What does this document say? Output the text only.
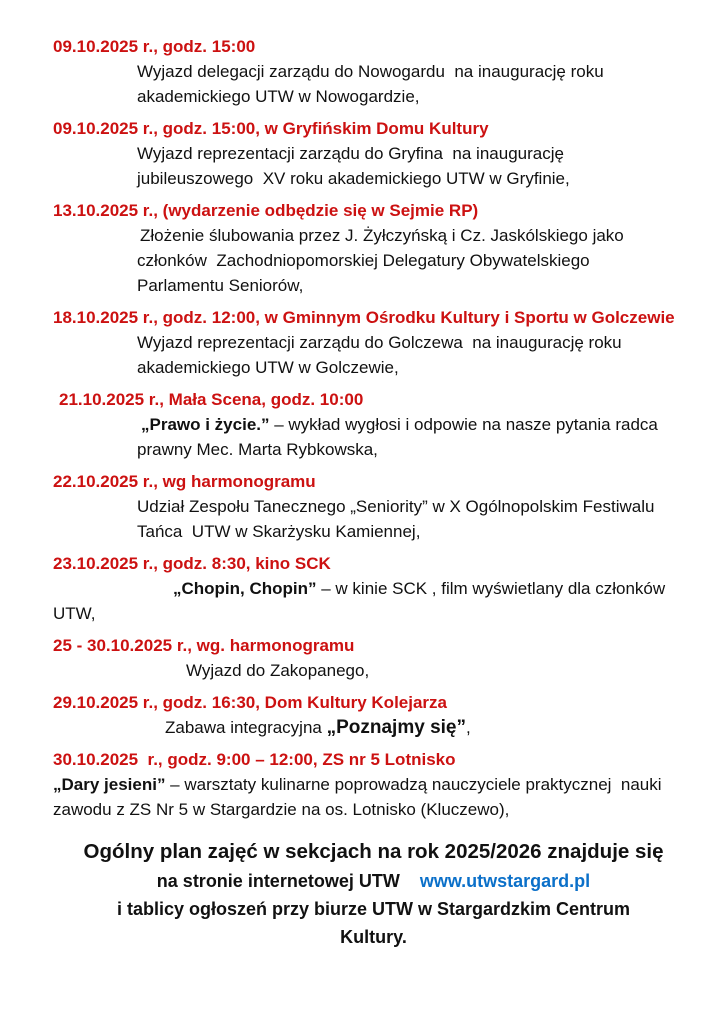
09.10.2025 r., godz. 15:00
Wyjazd delegacji zarządu do Nowogardu  na inaugurację roku
akademickiego UTW w Nowogardzie,
09.10.2025 r., godz. 15:00, w Gryfińskim Domu Kultury
Wyjazd reprezentacji zarządu do Gryfina  na inaugurację
jubileuszowego  XV roku akademickiego UTW w Gryfinie,
13.10.2025 r., (wydarzenie odbędzie się w Sejmie RP)
Złożenie ślubowania przez J. Żyłczyńską i Cz. Jaskólskiego jako
członków  Zachodniopomorskiej Delegatury Obywatelskiego
Parlamentu Seniorów,
18.10.2025 r., godz. 12:00, w Gminnym Ośrodku Kultury i Sportu w Golczewie
Wyjazd reprezentacji zarządu do Golczewa  na inaugurację roku
akademickiego UTW w Golczewie,
21.10.2025 r., Mała Scena, godz. 10:00
„Prawo i życie.” – wykład wygłosi i odpowie na nasze pytania radca
prawny Mec. Marta Rybkowska,
22.10.2025 r., wg harmonogramu
Udział Zespołu Tanecznego „Seniority” w X Ogólnopolskim Festiwalu
Tańca  UTW w Skarżysku Kamiennej,
23.10.2025 r., godz. 8:30, kino SCK
„Chopin, Chopin” – w kinie SCK , film wyświetlany dla członków
UTW,
25 - 30.10.2025 r., wg. harmonogramu
Wyjazd do Zakopanego,
29.10.2025 r., godz. 16:30, Dom Kultury Kolejarza
Zabawa integracyjna „Poznajmy się”,
30.10.2025  r., godz. 9:00 – 12:00, ZS nr 5 Lotnisko
„Dary jesieni” – warsztaty kulinarne poprowadzą nauczyciele praktycznej  nauki
zawodu z ZS Nr 5 w Stargardzie na os. Lotnisko (Kluczewo),
Ogólny plan zajęć w sekcjach na rok 2025/2026 znajduje się
na stronie internetowej UTW    www.utwstargard.pl
i tablicy ogłoszeń przy biurze UTW w Stargardzkim Centrum
Kultury.
